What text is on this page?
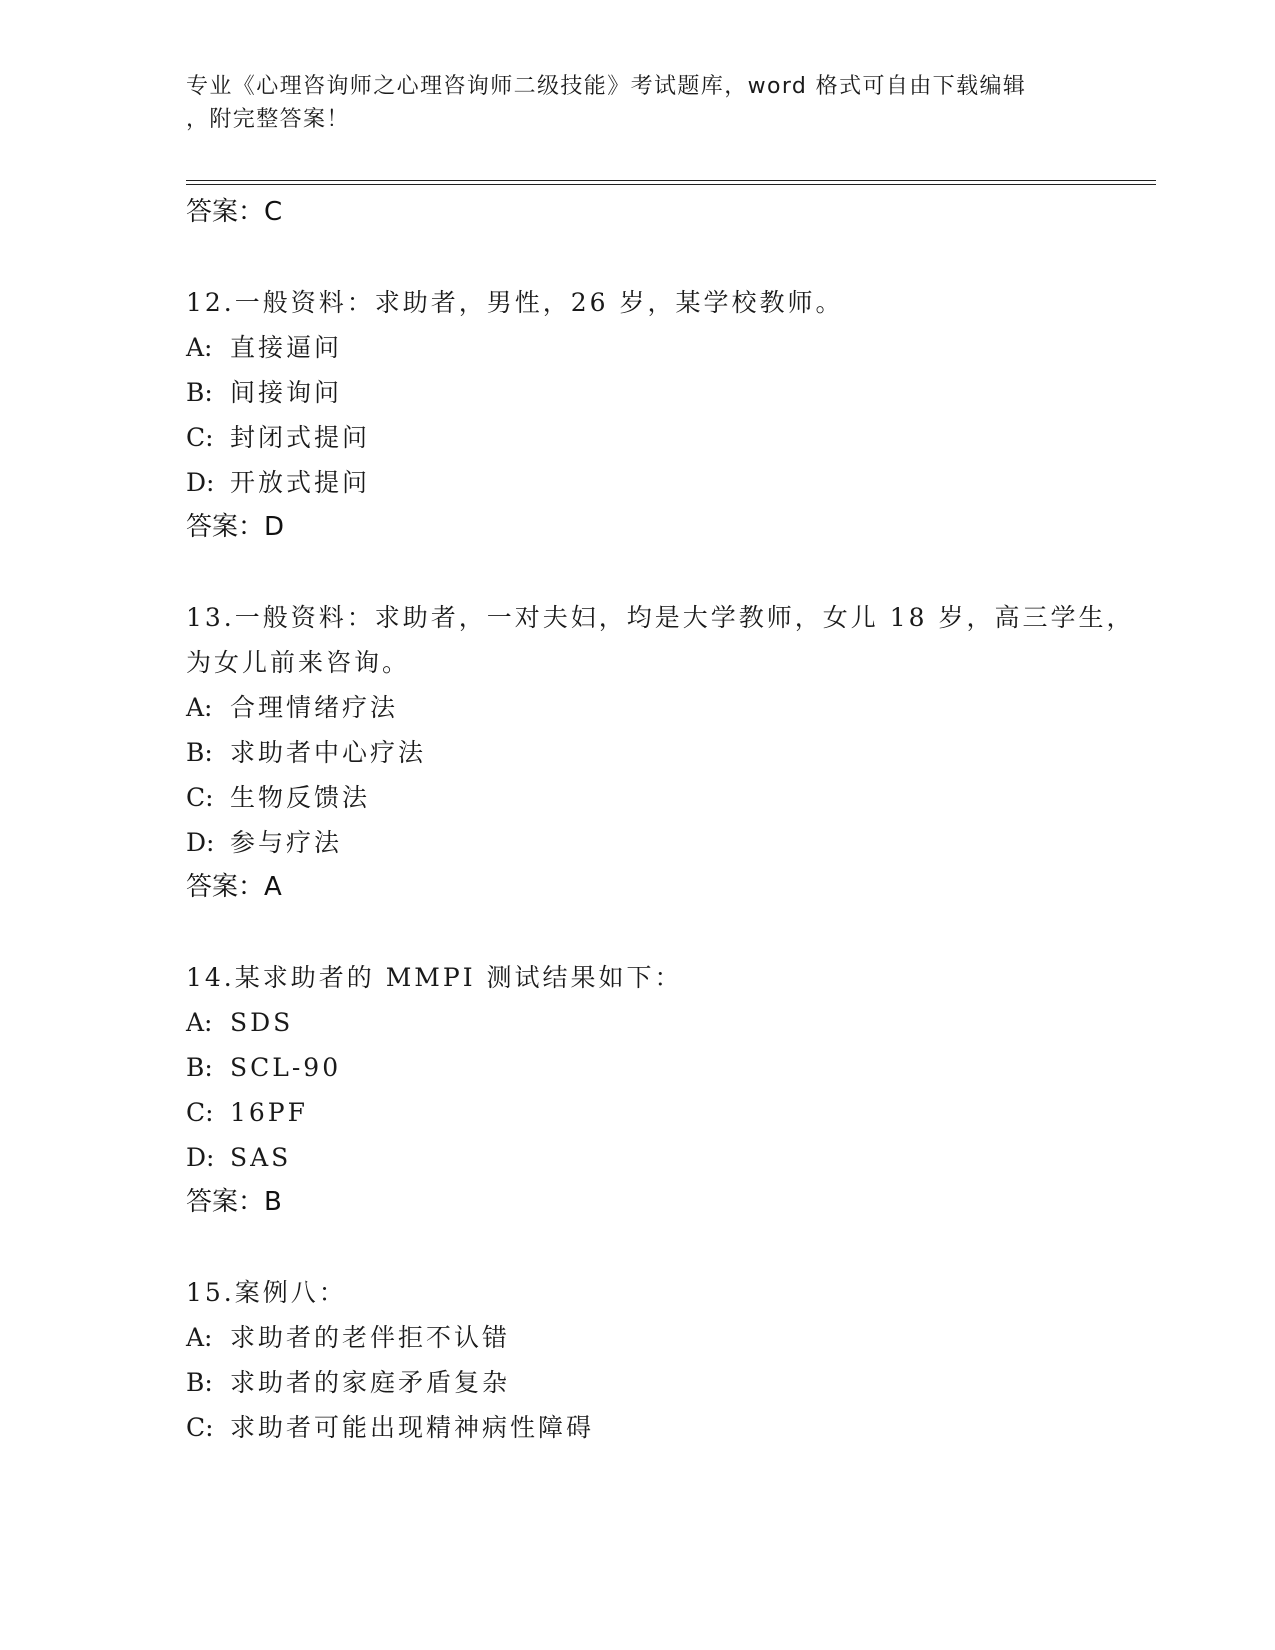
专业《心理咨询师之心理咨询师二级技能》考试题库，word 格式可自由下载编辑

，附完整答案！

答案：C

12.一般资料：求助者，男性，26 岁，某学校教师。

A: 直接逼问

B: 间接询问

C: 封闭式提问

D: 开放式提问

答案：D

13.一般资料：求助者，一对夫妇，均是大学教师，女儿 18 岁，高三学生，为女儿前来咨询。

A: 合理情绪疗法

B: 求助者中心疗法

C: 生物反馈法

D: 参与疗法

答案：A

14.某求助者的 MMPI 测试结果如下：

A: SDS

B: SCL-90

C: 16PF

D: SAS

答案：B

15.案例八：

A: 求助者的老伴拒不认错

B: 求助者的家庭矛盾复杂

C: 求助者可能出现精神病性障碍
